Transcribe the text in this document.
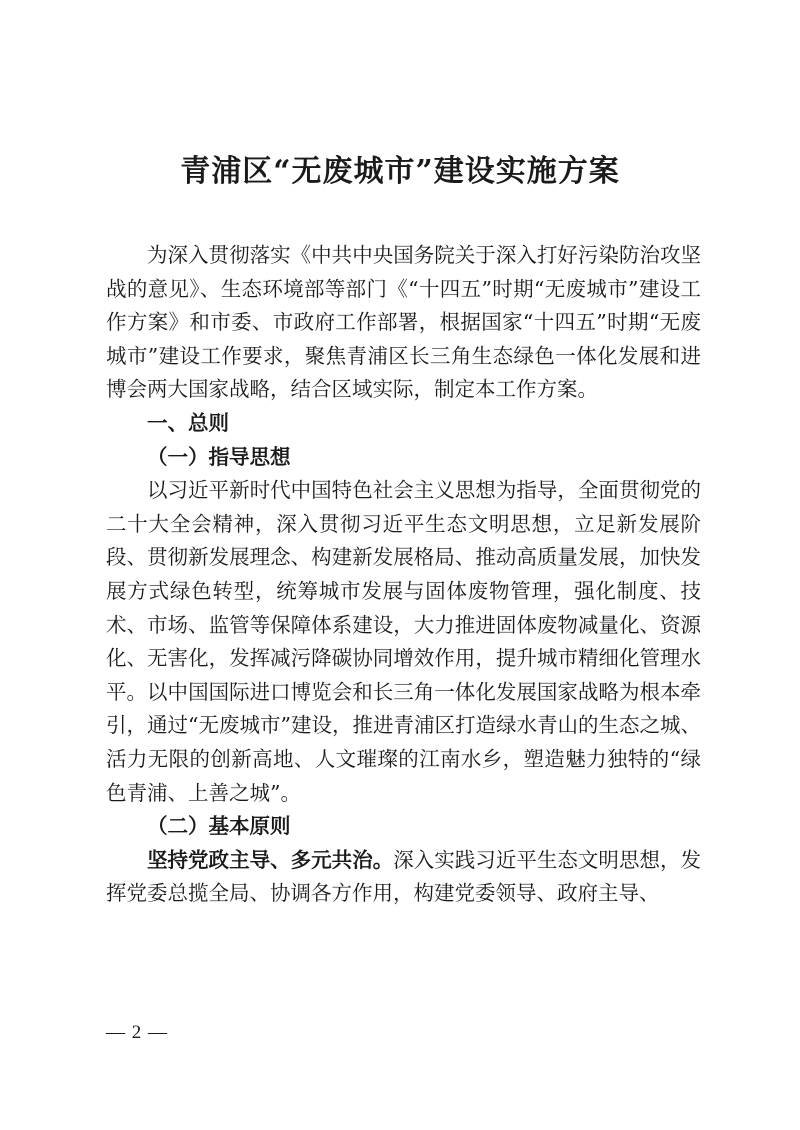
青浦区“无废城市”建设实施方案

为深入贯彻落实《中共中央国务院关于深入打好污染防治攻坚战的意见》、生态环境部等部门《“十四五”时期“无废城市”建设工作方案》和市委、市政府工作部署，根据国家“十四五”时期“无废城市”建设工作要求，聚焦青浦区长三角生态绿色一体化发展和进博会两大国家战略，结合区域实际，制定本工作方案。

一、总则

（一）指导思想

以习近平新时代中国特色社会主义思想为指导，全面贯彻党的二十大全会精神，深入贯彻习近平生态文明思想，立足新发展阶段、贯彻新发展理念、构建新发展格局、推动高质量发展，加快发展方式绿色转型，统筹城市发展与固体废物管理，强化制度、技术、市场、监管等保障体系建设，大力推进固体废物减量化、资源化、无害化，发挥减污降碳协同增效作用，提升城市精细化管理水平。以中国国际进口博览会和长三角一体化发展国家战略为根本牵引，通过“无废城市”建设，推进青浦区打造绿水青山的生态之城、活力无限的创新高地、人文璀璨的江南水乡，塑造魅力独特的“绿色青浦、上善之城”。

（二）基本原则

坚持党政主导、多元共治。深入实践习近平生态文明思想，发挥党委总揽全局、协调各方作用，构建党委领导、政府主导、

— 2 —
